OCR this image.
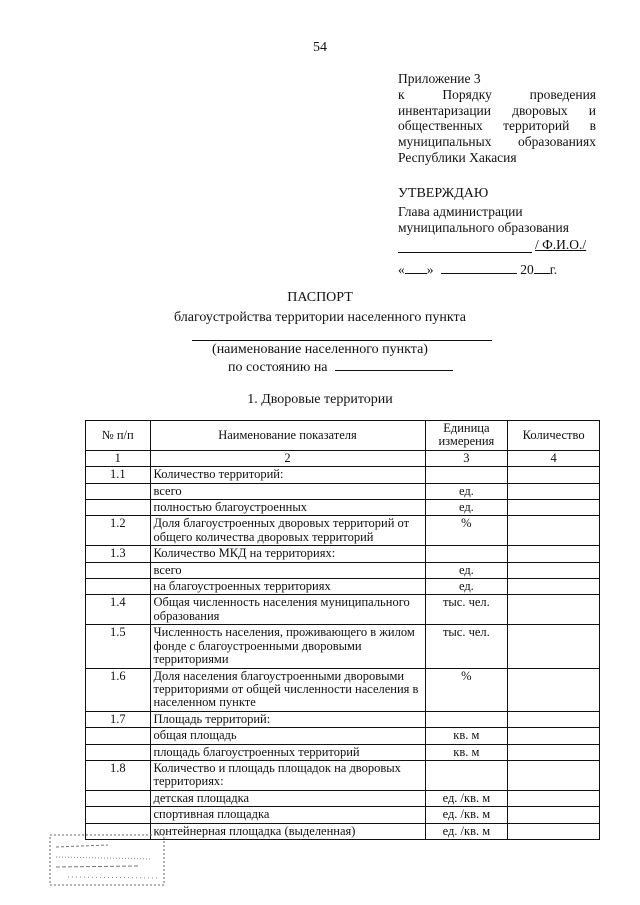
54
Приложение 3
к Порядку проведения
инвентаризации дворовых и
общественных территорий в
муниципальных образованиях
Республики Хакасия
УТВЕРЖДАЮ
Глава администрации
муниципального образования
/ Ф.И.О./
« »	20 г.
ПАСПОРТ
благоустройства территории населенного пункта
(наименование населенного пункта)
по состоянию на
1. Дворовые территории
№ п/п	Наименование показателя	Единица измерения	Количество
1	2	3	4
1.1	Количество территорий:		
	всего	ед.	
	полностью благоустроенных	ед.	
1.2	Доля благоустроенных дворовых территорий от общего количества дворовых территорий	%	
1.3	Количество МКД на территориях:		
	всего	ед.	
	на благоустроенных территориях	ед.	
1.4	Общая численность населения муниципального образования	тыс. чел.	
1.5	Численность населения, проживающего в жилом фонде с благоустроенными дворовыми территориями	тыс. чел.	
1.6	Доля населения благоустроенными дворовыми территориями от общей численности населения в населенном пункте	%	
1.7	Площадь территорий:		
	общая площадь	кв. м	
	площадь благоустроенных территорий	кв. м	
1.8	Количество и площадь площадок на дворовых территориях:		
	детская площадка	ед. /кв. м	
	спортивная площадка	ед. /кв. м	
	контейнерная площадка (выделенная)	ед. /кв. м	
